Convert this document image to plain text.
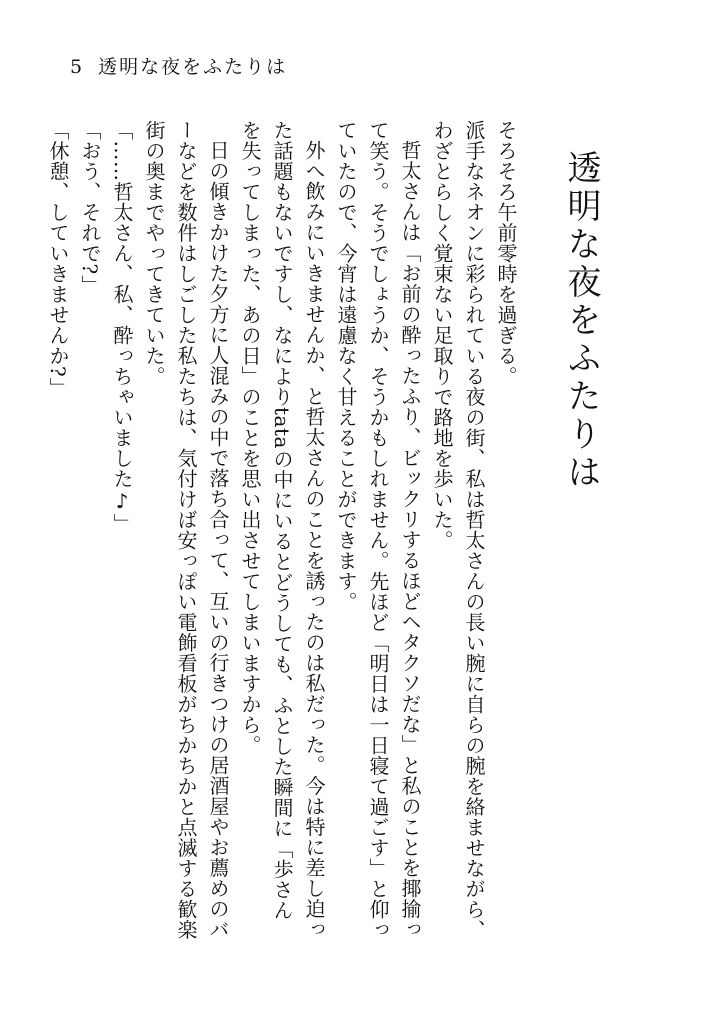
5 透明な夜をふたりは
透明な夜をふたりは

そろそろ午前零時を過ぎる。

派手なネオンに彩られている夜の街、私は哲太さんの長い腕に自らの腕を絡ませながら、わざとらしく覚束ない足取りで路地を歩いた。

哲太さんは「お前の酔ったふり、ビックリするほどヘタクソだな」と私のことを揶揄って笑う。そうでしょうか、そうかもしれません。先ほど「明日は一日寝て過ごす」と仰っていたので、今宵は遠慮なく甘えることができます。

外へ飲みにいきませんか、と哲太さんのことを誘ったのは私だった。今は特に差し迫った話題もないですし、なによりtataの中にいるとどうしても、ふとした瞬間に「歩さんを失ってしまった、あの日」のことを思い出させてしまいますから。

日の傾きかけた夕方に人混みの中で落ち合って、互いの行きつけの居酒屋やお薦めのバーなどを数件はしごした私たちは、気付けば安っぽい電飾看板がちかちかと点滅する歓楽街の奥までやってきていた。

「……哲太さん、私、酔っちゃいました♪」

「おう、それで?」

「休憩、していきませんか?」
